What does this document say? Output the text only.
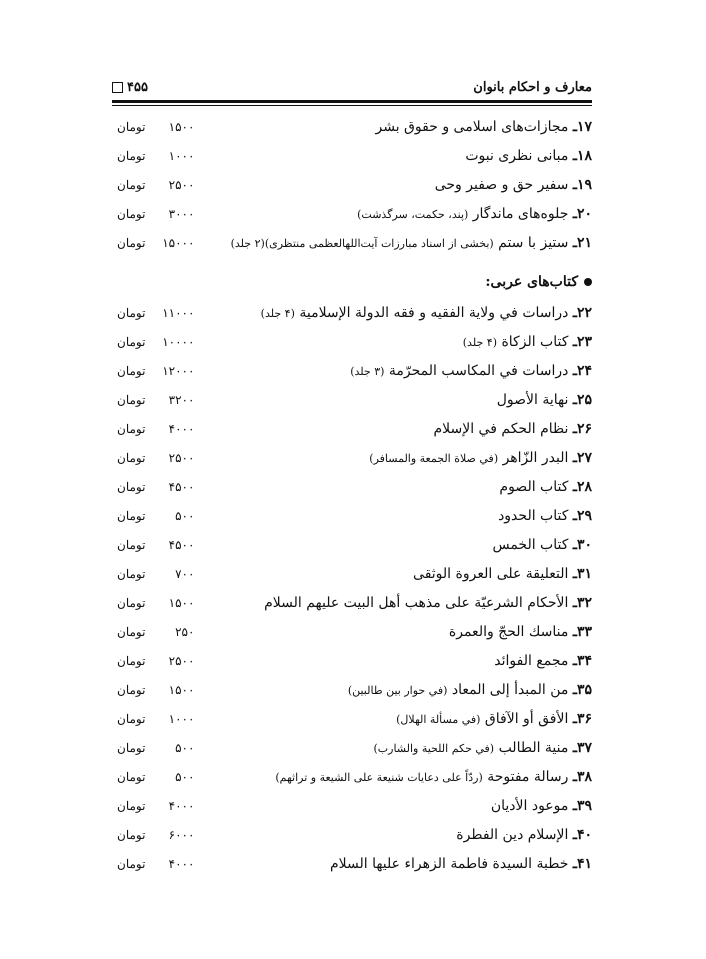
معارف و احکام بانوان
۴۵۵
۱۷ـ مجازات‌های اسلامی و حقوق بشر
۱۵۰۰
تومان
۱۸ـ مبانی نظری نبوت
۱۰۰۰
تومان
۱۹ـ سفیر حق و صفیر وحی
۲۵۰۰
تومان
۲۰ـ جلوه‌های ماندگار (پند، حکمت، سرگذشت)
۳۰۰۰
تومان
۲۱ـ ستیز با ستم (بخشی از اسناد مبارزات آیت‌اللهالعظمی منتظری)(۲ جلد)
۱۵۰۰۰
تومان
کتاب‌های عربی:
۲۲ـ دراسات في ولاية الفقيه و فقه الدولة الإسلامية (۴ جلد)
۱۱۰۰۰
تومان
۲۳ـ كتاب الزكاة (۴ جلد)
۱۰۰۰۰
تومان
۲۴ـ دراسات في المكاسب المحرّمة (۳ جلد)
۱۲۰۰۰
تومان
۲۵ـ نهاية الأصول
۳۲۰۰
تومان
۲۶ـ نظام الحكم في الإسلام
۴۰۰۰
تومان
۲۷ـ البدر الزّاهر (في صلاة الجمعة والمسافر)
۲۵۰۰
تومان
۲۸ـ كتاب الصوم
۴۵۰۰
تومان
۲۹ـ كتاب الحدود
۵۰۰
تومان
۳۰ـ كتاب الخمس
۴۵۰۰
تومان
۳۱ـ التعليقة على العروة الوثقى
۷۰۰
تومان
۳۲ـ الأحكام الشرعيّة على مذهب أهل البيت علیهم السلام
۱۵۰۰
تومان
۳۳ـ مناسك الحجّ والعمرة
۲۵۰
تومان
۳۴ـ مجمع الفوائد
۲۵۰۰
تومان
۳۵ـ من المبدأ إلى المعاد (في حوار بين طالبين)
۱۵۰۰
تومان
۳۶ـ الأفق أو الآفاق (في مسألة الهلال)
۱۰۰۰
تومان
۳۷ـ منية الطالب (في حكم اللحية والشارب)
۵۰۰
تومان
۳۸ـ رسالة مفتوحة (ردّاً على دعايات شنيعة على الشيعة و تراثهم)
۵۰۰
تومان
۳۹ـ موعود الأديان
۴۰۰۰
تومان
۴۰ـ الإسلام دين الفطرة
۶۰۰۰
تومان
۴۱ـ خطبة السيدة فاطمة الزهراء علیها السلام
۴۰۰۰
تومان
